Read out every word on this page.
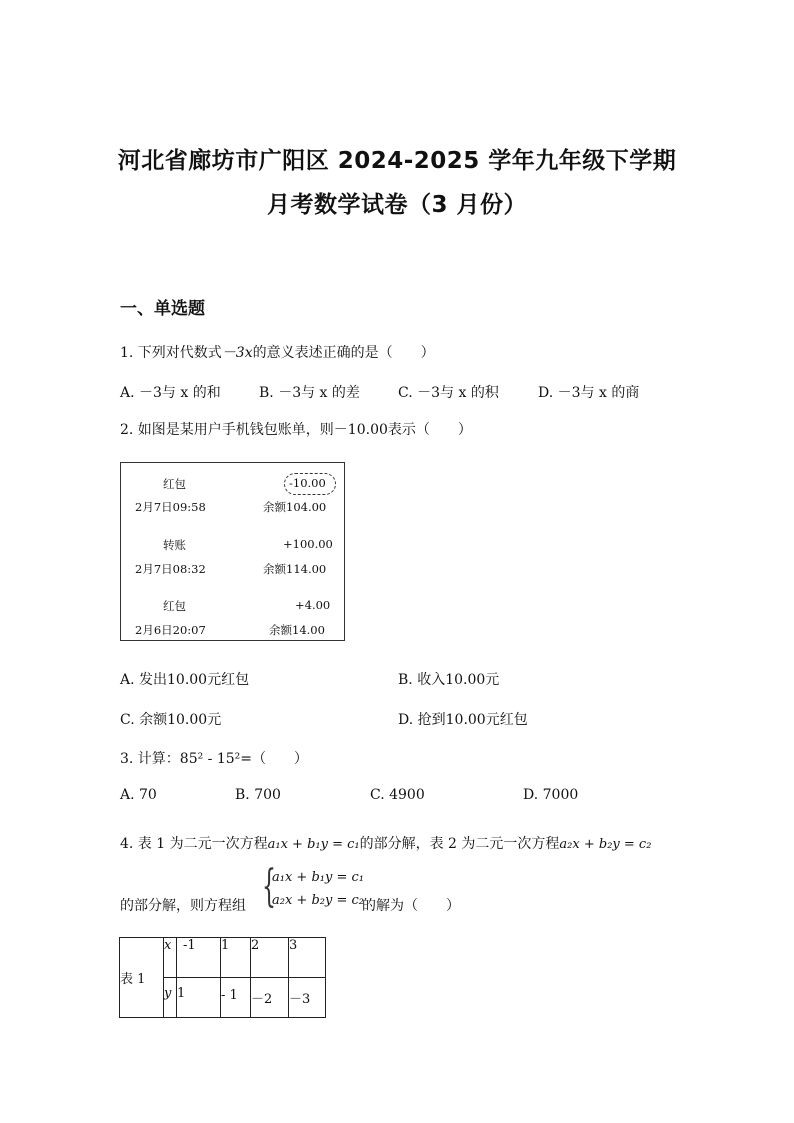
河北省廊坊市广阳区 2024-2025 学年九年级下学期
月考数学试卷（3 月份）
一、单选题
1. 下列对代数式－3x的意义表述正确的是（　　）
A. －3与 x 的和	B. －3与 x 的差	C. －3与 x 的积	D. －3与 x 的商
2. 如图是某用户手机钱包账单，则－10.00表示（　　）
红包	-10.00
2月7日09:58	余额104.00
转账	+100.00
2月7日08:32	余额114.00
红包	+4.00
2月6日20:07	余额14.00
A. 发出10.00元红包	B. 收入10.00元
C. 余额10.00元	D. 抢到10.00元红包
3. 计算：85² - 15²=（　　）
A. 70	B. 700	C. 4900	D. 7000
4. 表 1 为二元一次方程a₁x + b₁y = c₁的部分解，表 2 为二元一次方程a₂x + b₂y = c₂
的部分解，则方程组 {
a₁x + b₁y = c₁
a₂x + b₂y = c₂
的解为（　　）
表 1	x	-1	1	2	3
	y	1	- 1	－2	－3
